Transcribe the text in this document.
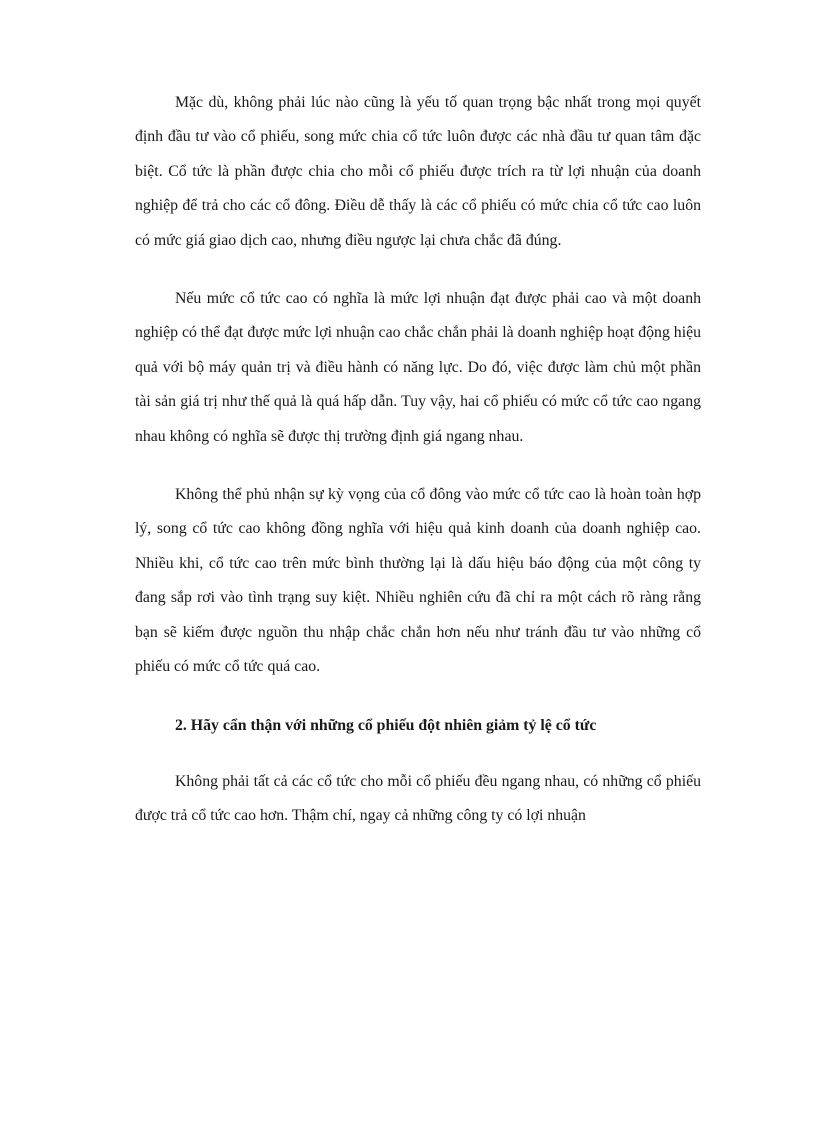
Mặc dù, không phải lúc nào cũng là yếu tố quan trọng bậc nhất trong mọi quyết định đầu tư vào cổ phiếu, song mức chia cổ tức luôn được các nhà đầu tư quan tâm đặc biệt. Cổ tức là phần được chia cho mỗi cổ phiếu được trích ra từ lợi nhuận của doanh nghiệp để trả cho các cổ đông. Điều dễ thấy là các cổ phiếu có mức chia cổ tức cao luôn có mức giá giao dịch cao, nhưng điều ngược lại chưa chắc đã đúng.

Nếu mức cổ tức cao có nghĩa là mức lợi nhuận đạt được phải cao và một doanh nghiệp có thể đạt được mức lợi nhuận cao chắc chắn phải là doanh nghiệp hoạt động hiệu quả với bộ máy quản trị và điều hành có năng lực. Do đó, việc được làm chủ một phần tài sản giá trị như thế quả là quá hấp dẫn. Tuy vậy, hai cổ phiếu có mức cổ tức cao ngang nhau không có nghĩa sẽ được thị trường định giá ngang nhau.

Không thể phủ nhận sự kỳ vọng của cổ đông vào mức cổ tức cao là hoàn toàn hợp lý, song cổ tức cao không đồng nghĩa với hiệu quả kinh doanh của doanh nghiệp cao. Nhiều khi, cổ tức cao trên mức bình thường lại là dấu hiệu báo động của một công ty đang sắp rơi vào tình trạng suy kiệt. Nhiều nghiên cứu đã chỉ ra một cách rõ ràng rằng bạn sẽ kiếm được nguồn thu nhập chắc chắn hơn nếu như tránh đầu tư vào những cổ phiếu có mức cổ tức quá cao.

2. Hãy cẩn thận với những cổ phiếu đột nhiên giảm tỷ lệ cổ tức

Không phải tất cả các cổ tức cho mỗi cổ phiếu đều ngang nhau, có những cổ phiếu được trả cổ tức cao hơn. Thậm chí, ngay cả những công ty có lợi nhuận
